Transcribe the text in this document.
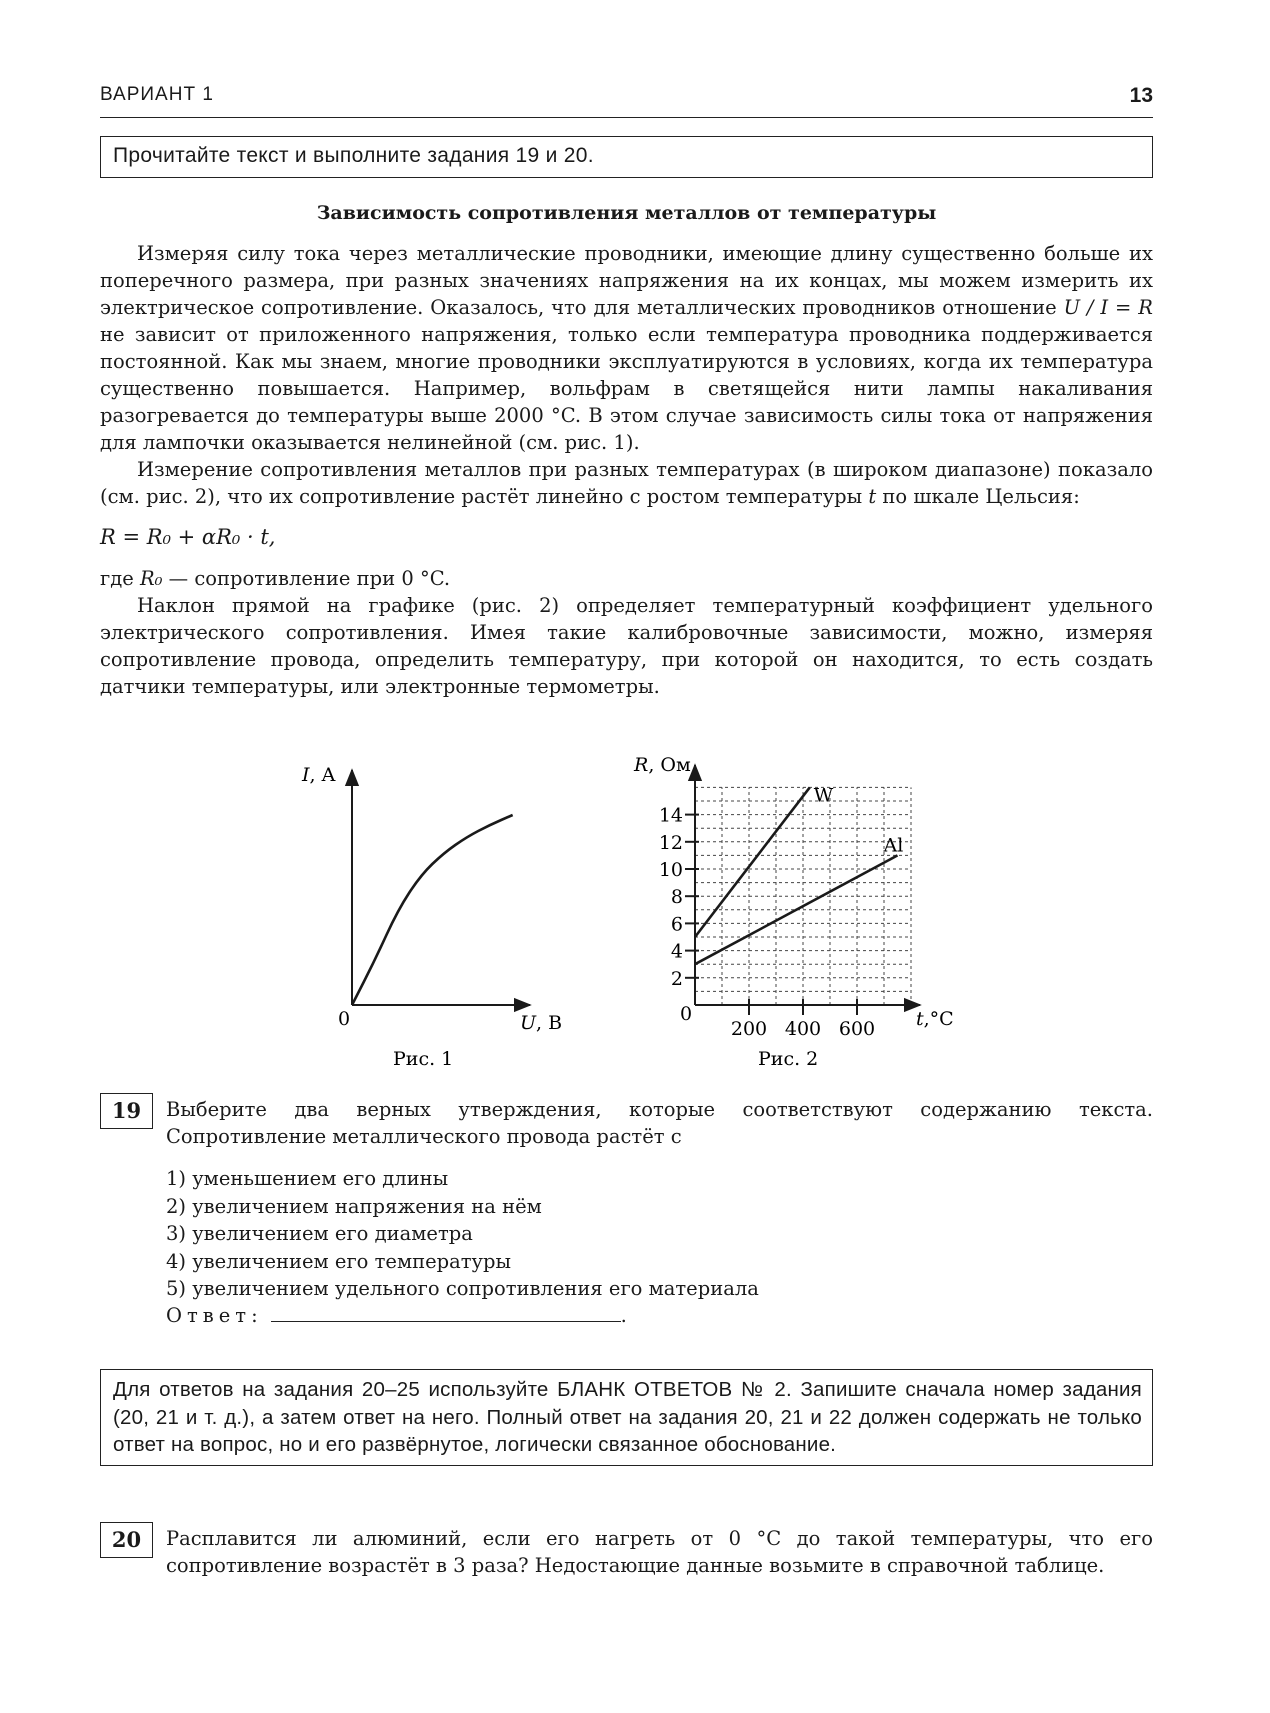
ВАРИАНТ 1	13
Прочитайте текст и выполните задания 19 и 20.
Зависимость сопротивления металлов от температуры

Измеряя силу тока через металлические проводники, имеющие длину существенно больше их поперечного размера, при разных значениях напряжения на их концах, мы можем измерить их электрическое сопротивление. Оказалось, что для металлических проводников отношение U / I = R не зависит от приложенного напряжения, только если температура проводника поддерживается постоянной. Как мы знаем, многие проводники эксплуатируются в условиях, когда их температура существенно повышается. Например, вольфрам в светящейся нити лампы накаливания разогревается до температуры выше 2000 °C. В этом случае зависимость силы тока от напряжения для лампочки оказывается нелинейной (см. рис. 1).

Измерение сопротивления металлов при разных температурах (в широком диапазоне) показало (см. рис. 2), что их сопротивление растёт линейно с ростом температуры t по шкале Цельсия:

R = R₀ + αR₀ · t,

где R₀ — сопротивление при 0 °C.

Наклон прямой на графике (рис. 2) определяет температурный коэффициент удельного электрического сопротивления. Имея такие калибровочные зависимости, можно, измеряя сопротивление провода, определить температуру, при которой он находится, то есть создать датчики температуры, или электронные термометры.

I, A
0	U, B
Рис. 1
2
4
6
8
10
12
14
200 400 600
W
Al
R, Ом
0	t,°C
Рис. 2
19	Выберите два верных утверждения, которые соответствуют содержанию текста. Сопротивление металлического провода растёт с
1) уменьшением его длины
2) увеличением напряжения на нём
3) увеличением его диаметра
4) увеличением его температуры
5) увеличением удельного сопротивления его материала
Ответ:	.
Для ответов на задания 20–25 используйте БЛАНК ОТВЕТОВ № 2. Запишите сначала номер задания (20, 21 и т. д.), а затем ответ на него. Полный ответ на задания 20, 21 и 22 должен содержать не только ответ на вопрос, но и его развёрнутое, логически связанное обоснование.
20	Расплавится ли алюминий, если его нагреть от 0 °C до такой температуры, что его сопротивление возрастёт в 3 раза? Недостающие данные возьмите в справочной таблице.
